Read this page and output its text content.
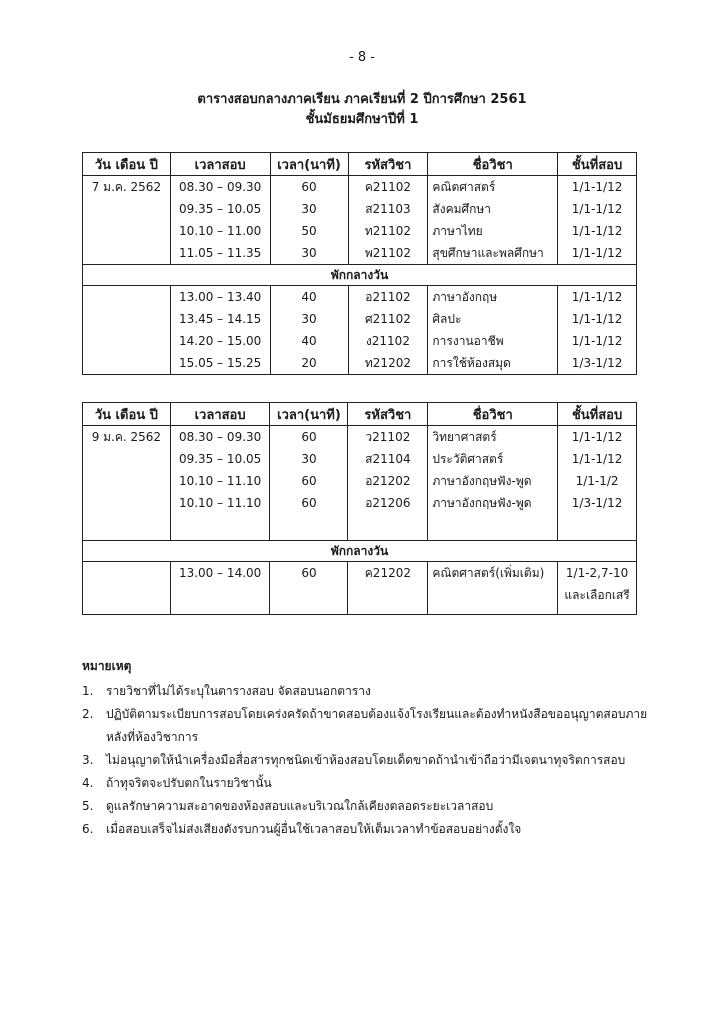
- 8 -
ตารางสอบกลางภาคเรียน ภาคเรียนที่ 2 ปีการศึกษา 2561
ชั้นมัธยมศึกษาปีที่ 1
วัน เดือน ปี	เวลาสอบ	เวลา(นาที)	รหัสวิชา	ชื่อวิชา	ชั้นที่สอบ
7 ม.ค. 2562	08.30 – 09.30	60	ค21102	คณิตศาสตร์	1/1-1/12
	09.35 – 10.05	30	ส21103	สังคมศึกษา	1/1-1/12
	10.10 – 11.00	50	ท21102	ภาษาไทย	1/1-1/12
	11.05 – 11.35	30	พ21102	สุขศึกษาและพลศึกษา	1/1-1/12
พักกลางวัน					
	13.00 – 13.40	40	อ21102	ภาษาอังกฤษ	1/1-1/12
	13.45 – 14.15	30	ศ21102	ศิลปะ	1/1-1/12
	14.20 – 15.00	40	ง21102	การงานอาชีพ	1/1-1/12
	15.05 – 15.25	20	ท21202	การใช้ห้องสมุด	1/3-1/12
วัน เดือน ปี	เวลาสอบ	เวลา(นาที)	รหัสวิชา	ชื่อวิชา	ชั้นที่สอบ
9 ม.ค. 2562	08.30 – 09.30	60	ว21102	วิทยาศาสตร์	1/1-1/12
	09.35 – 10.05	30	ส21104	ประวัติศาสตร์	1/1-1/12
	10.10 – 11.10	60	อ21202	ภาษาอังกฤษฟัง-พูด	1/1-1/2
	10.10 – 11.10	60	อ21206	ภาษาอังกฤษฟัง-พูด	1/3-1/12

พักกลางวัน					
	13.00 – 14.00	60	ค21202	คณิตศาสตร์(เพิ่มเติม)	1/1-2,7-10
					และเลือกเสรี
หมายเหตุ
1.	รายวิชาที่ไม่ได้ระบุในตารางสอบ จัดสอบนอกตาราง
2.	ปฏิบัติตามระเบียบการสอบโดยเคร่งครัดถ้าขาดสอบต้องแจ้งโรงเรียนและต้องทำหนังสือขออนุญาตสอบภายหลังที่ห้องวิชาการ
3.	ไม่อนุญาตให้นำเครื่องมือสื่อสารทุกชนิดเข้าห้องสอบโดยเด็ดขาดถ้านำเข้าถือว่ามีเจตนาทุจริตการสอบ
4.	ถ้าทุจริตจะปรับตกในรายวิชานั้น
5.	ดูแลรักษาความสะอาดของห้องสอบและบริเวณใกล้เคียงตลอดระยะเวลาสอบ
6.	เมื่อสอบเสร็จไม่ส่งเสียงดังรบกวนผู้อื่นใช้เวลาสอบให้เต็มเวลาทำข้อสอบอย่างตั้งใจ
